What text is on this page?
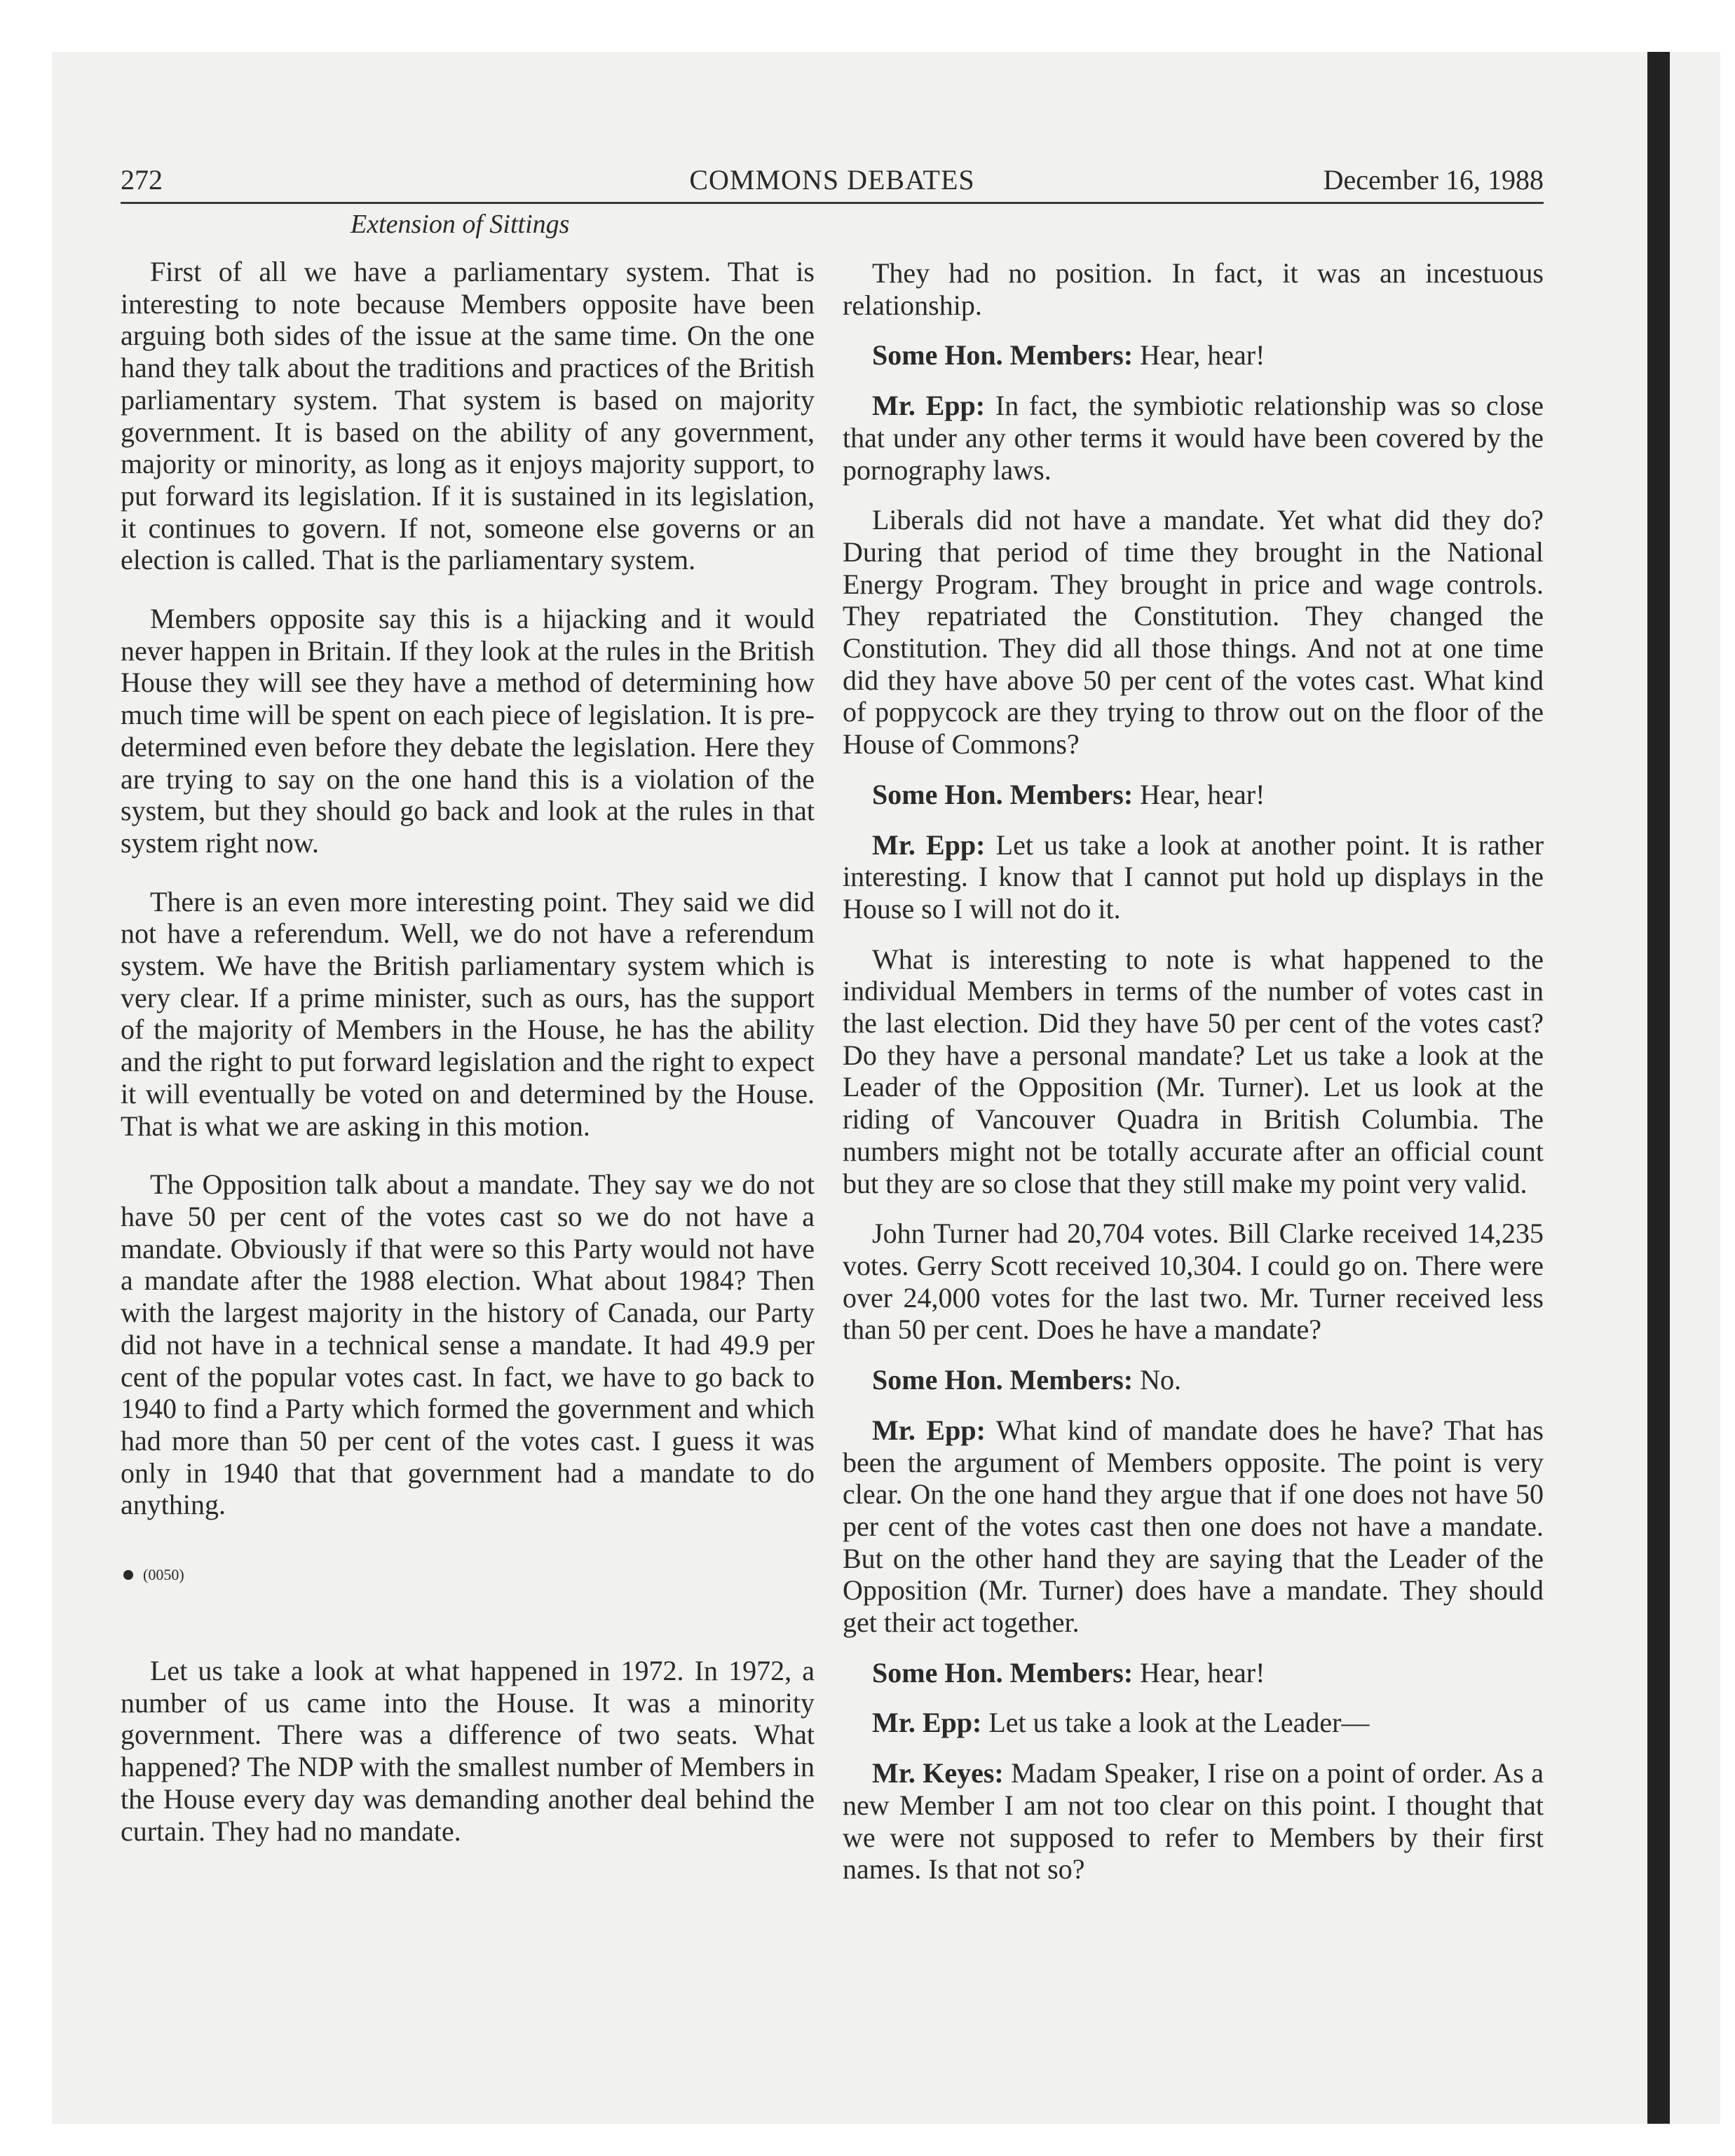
272	COMMONS DEBATES	December 16, 1988
Extension of Sittings

First of all we have a parliamentary system. That is interesting to note because Members opposite have been arguing both sides of the issue at the same time. On the one hand they talk about the traditions and practices of the British parliamentary system. That system is based on majority government. It is based on the ability of any government, majority or minority, as long as it enjoys majority support, to put forward its legislation. If it is sustained in its legislation, it continues to govern. If not, someone else governs or an election is called. That is the parliamentary system.

Members opposite say this is a hijacking and it would never happen in Britain. If they look at the rules in the British House they will see they have a method of determining how much time will be spent on each piece of legislation. It is pre-determined even before they debate the legislation. Here they are trying to say on the one hand this is a violation of the system, but they should go back and look at the rules in that system right now.

There is an even more interesting point. They said we did not have a referendum. Well, we do not have a referendum system. We have the British parliamentary system which is very clear. If a prime minister, such as ours, has the support of the majority of Members in the House, he has the ability and the right to put forward legislation and the right to expect it will eventually be voted on and determined by the House. That is what we are asking in this motion.

The Opposition talk about a mandate. They say we do not have 50 per cent of the votes cast so we do not have a mandate. Obviously if that were so this Party would not have a mandate after the 1988 election. What about 1984? Then with the largest majority in the history of Canada, our Party did not have in a technical sense a mandate. It had 49.9 per cent of the popular votes cast. In fact, we have to go back to 1940 to find a Party which formed the government and which had more than 50 per cent of the votes cast. I guess it was only in 1940 that that government had a mandate to do anything.

(0050)

Let us take a look at what happened in 1972. In 1972, a number of us came into the House. It was a minority government. There was a difference of two seats. What happened? The NDP with the smallest number of Members in the House every day was demanding another deal behind the curtain. They had no mandate.

They had no position. In fact, it was an incestuous relationship.

Some Hon. Members: Hear, hear!

Mr. Epp: In fact, the symbiotic relationship was so close that under any other terms it would have been covered by the pornography laws.

Liberals did not have a mandate. Yet what did they do? During that period of time they brought in the National Energy Program. They brought in price and wage controls. They repatriated the Constitution. They changed the Constitution. They did all those things. And not at one time did they have above 50 per cent of the votes cast. What kind of poppycock are they trying to throw out on the floor of the House of Commons?

Some Hon. Members: Hear, hear!

Mr. Epp: Let us take a look at another point. It is rather interesting. I know that I cannot put hold up displays in the House so I will not do it.

What is interesting to note is what happened to the individual Members in terms of the number of votes cast in the last election. Did they have 50 per cent of the votes cast? Do they have a personal mandate? Let us take a look at the Leader of the Opposition (Mr. Turner). Let us look at the riding of Vancouver Quadra in British Columbia. The numbers might not be totally accurate after an official count but they are so close that they still make my point very valid.

John Turner had 20,704 votes. Bill Clarke received 14,235 votes. Gerry Scott received 10,304. I could go on. There were over 24,000 votes for the last two. Mr. Turner received less than 50 per cent. Does he have a mandate?

Some Hon. Members: No.

Mr. Epp: What kind of mandate does he have? That has been the argument of Members opposite. The point is very clear. On the one hand they argue that if one does not have 50 per cent of the votes cast then one does not have a mandate. But on the other hand they are saying that the Leader of the Opposition (Mr. Turner) does have a mandate. They should get their act together.

Some Hon. Members: Hear, hear!

Mr. Epp: Let us take a look at the Leader—

Mr. Keyes: Madam Speaker, I rise on a point of order. As a new Member I am not too clear on this point. I thought that we were not supposed to refer to Members by their first names. Is that not so?
